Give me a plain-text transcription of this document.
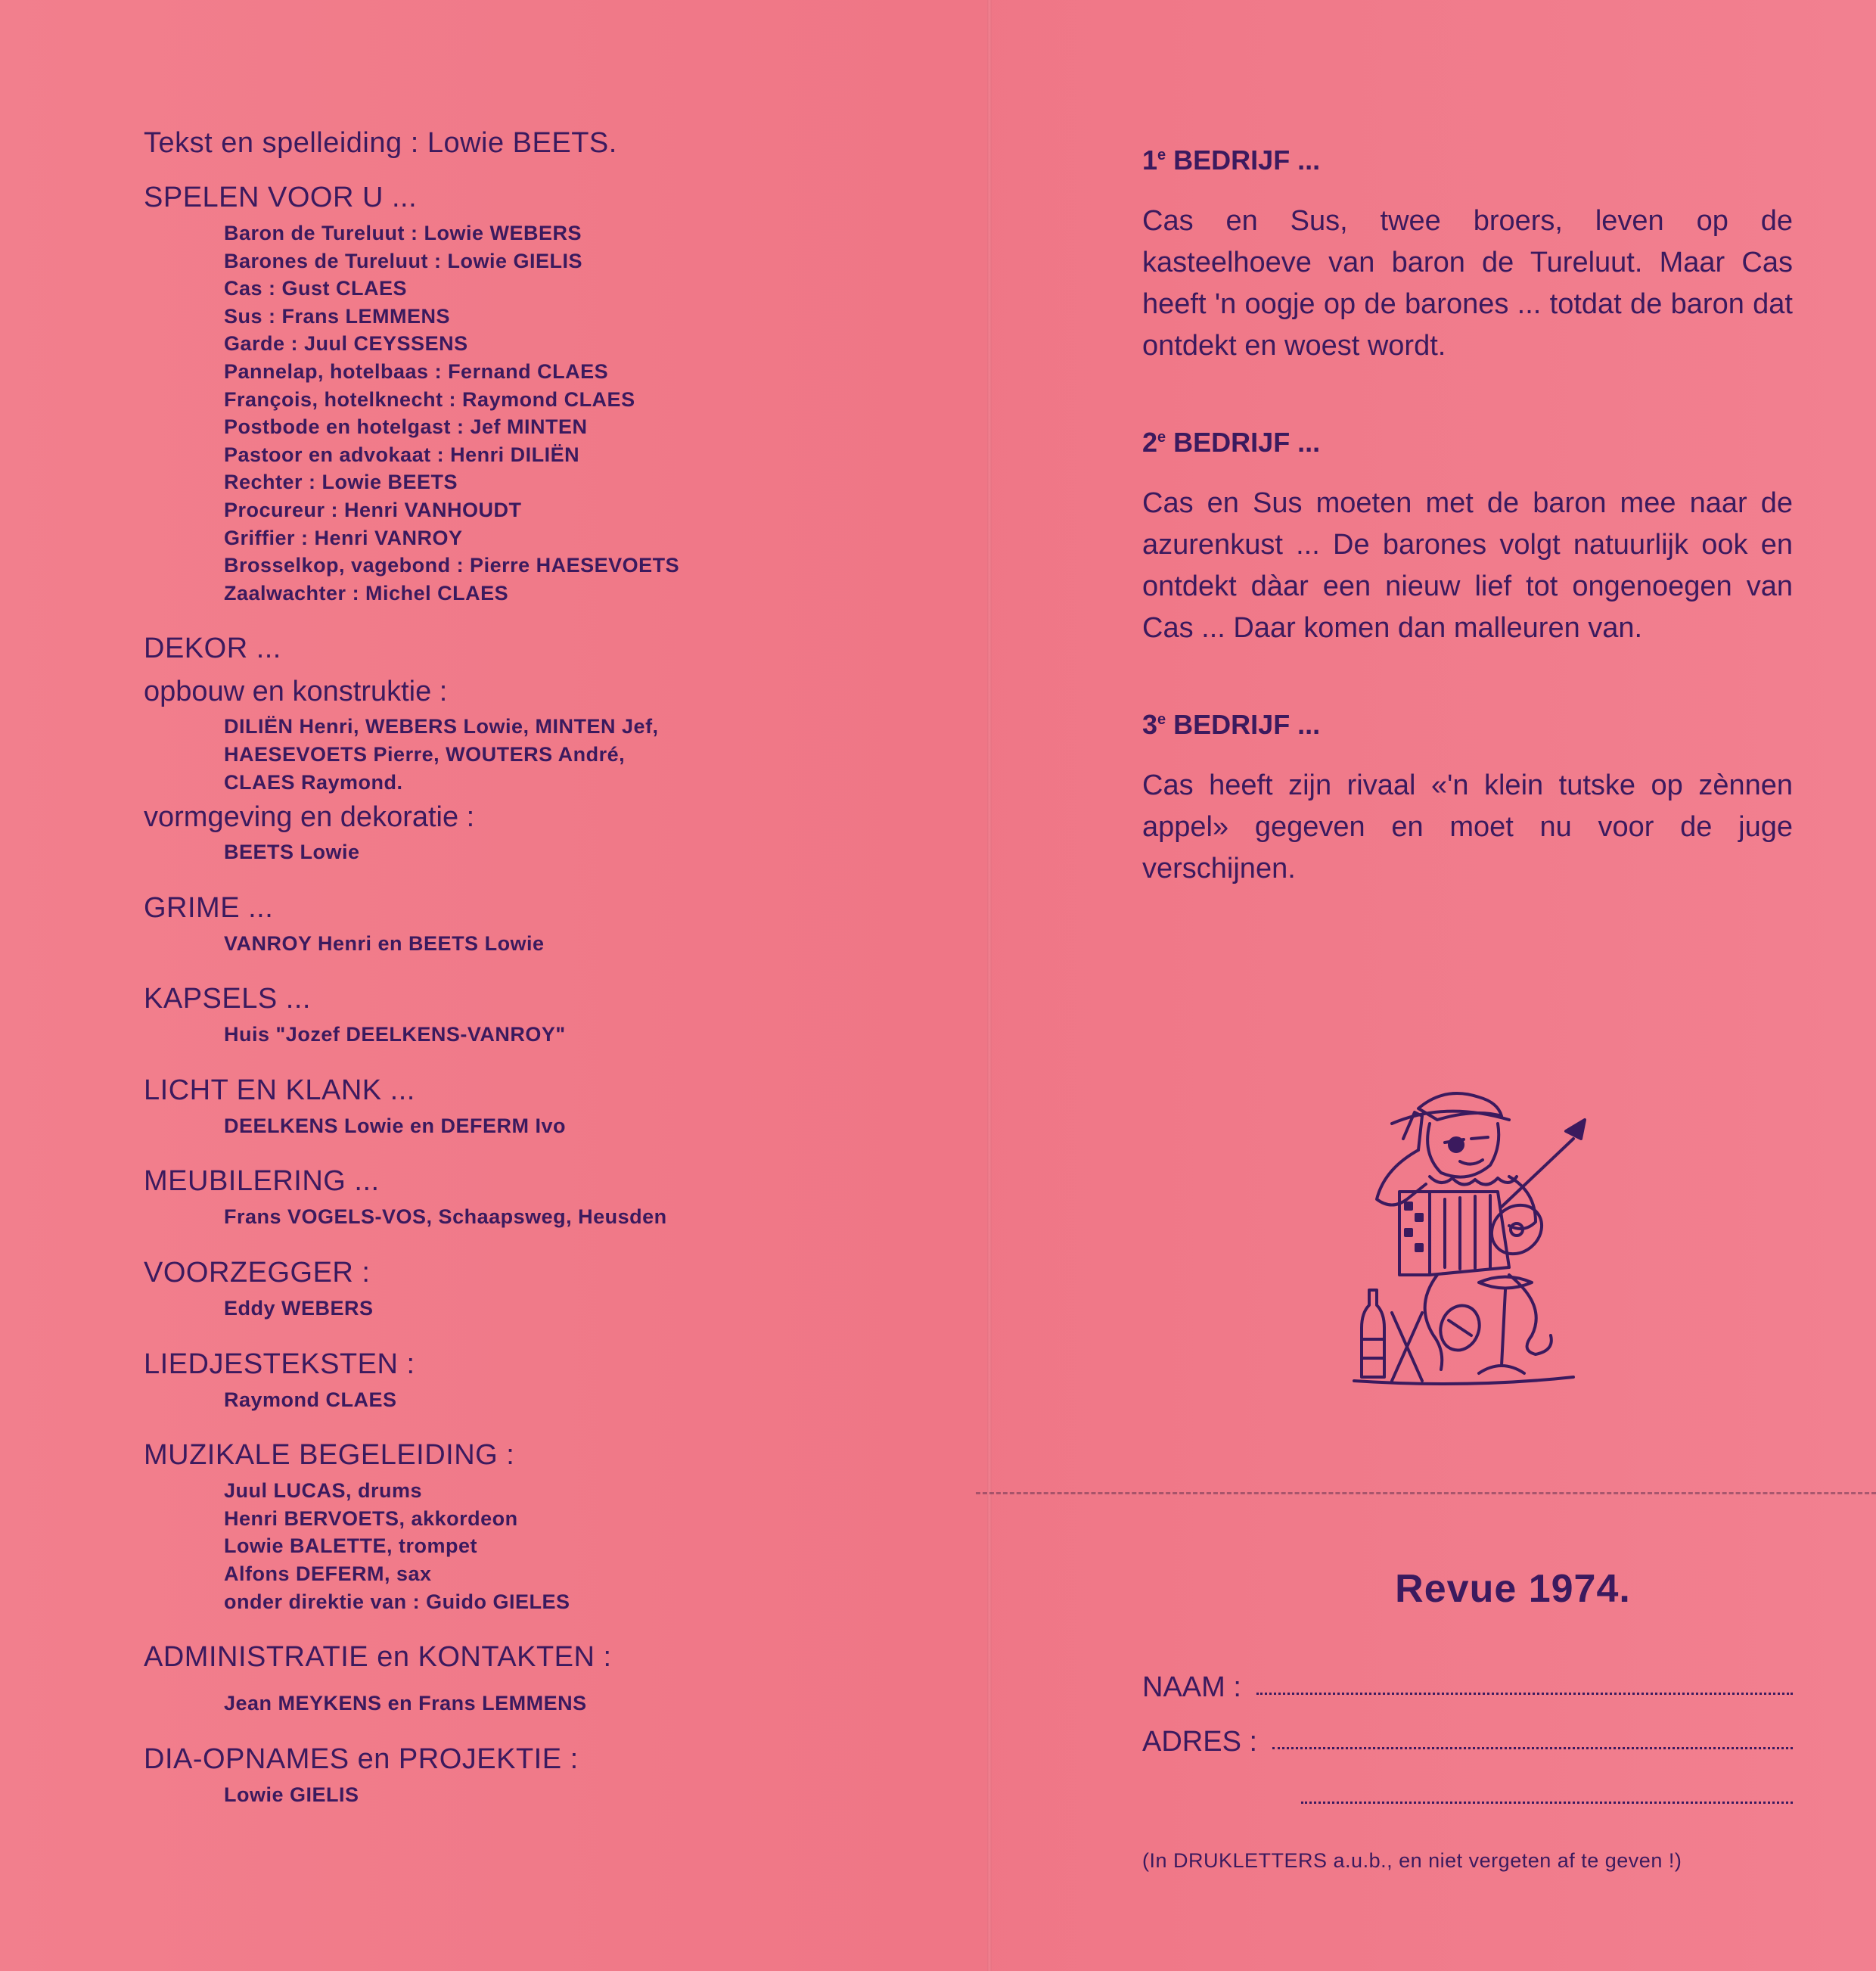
Tekst en spelleiding : Lowie BEETS.

SPELEN VOOR U ...

Baron de Tureluut : Lowie WEBERS
Barones de Tureluut : Lowie GIELIS
Cas : Gust CLAES
Sus : Frans LEMMENS
Garde : Juul CEYSSENS
Pannelap, hotelbaas : Fernand CLAES
François, hotelknecht : Raymond CLAES
Postbode en hotelgast : Jef MINTEN
Pastoor en advokaat : Henri DILIËN
Rechter : Lowie BEETS
Procureur : Henri VANHOUDT
Griffier : Henri VANROY
Brosselkop, vagebond : Pierre HAESEVOETS
Zaalwachter : Michel CLAES

DEKOR ...

opbouw en konstruktie :

DILIËN Henri, WEBERS Lowie, MINTEN Jef,
HAESEVOETS Pierre, WOUTERS André,
CLAES Raymond.

vormgeving en dekoratie :

BEETS Lowie

GRIME ...

VANROY Henri en BEETS Lowie

KAPSELS ...

Huis "Jozef DEELKENS-VANROY"

LICHT EN KLANK ...

DEELKENS Lowie en DEFERM Ivo

MEUBILERING ...

Frans VOGELS-VOS, Schaapsweg, Heusden

VOORZEGGER :

Eddy WEBERS

LIEDJESTEKSTEN :

Raymond CLAES

MUZIKALE BEGELEIDING :

Juul LUCAS, drums
Henri BERVOETS, akkordeon
Lowie BALETTE, trompet
Alfons DEFERM, sax
onder direktie van : Guido GIELES

ADMINISTRATIE en KONTAKTEN :

Jean MEYKENS en Frans LEMMENS

DIA-OPNAMES en PROJEKTIE :

Lowie GIELIS

1e BEDRIJF ...

Cas en Sus, twee broers, leven op de kasteelhoeve van baron de Tureluut. Maar Cas heeft 'n oogje op de barones ... totdat de baron dat ontdekt en woest wordt.

2e BEDRIJF ...

Cas en Sus moeten met de baron mee naar de azurenkust ... De barones volgt natuurlijk ook en ontdekt dàar een nieuw lief tot ongenoegen van Cas ... Daar komen dan malleuren van.

3e BEDRIJF ...

Cas heeft zijn rivaal «'n klein tutske op zènnen appel» gegeven en moet nu voor de juge verschijnen.

Revue 1974.

NAAM :
ADRES :
(In DRUKLETTERS a.u.b., en niet vergeten af te geven !)
